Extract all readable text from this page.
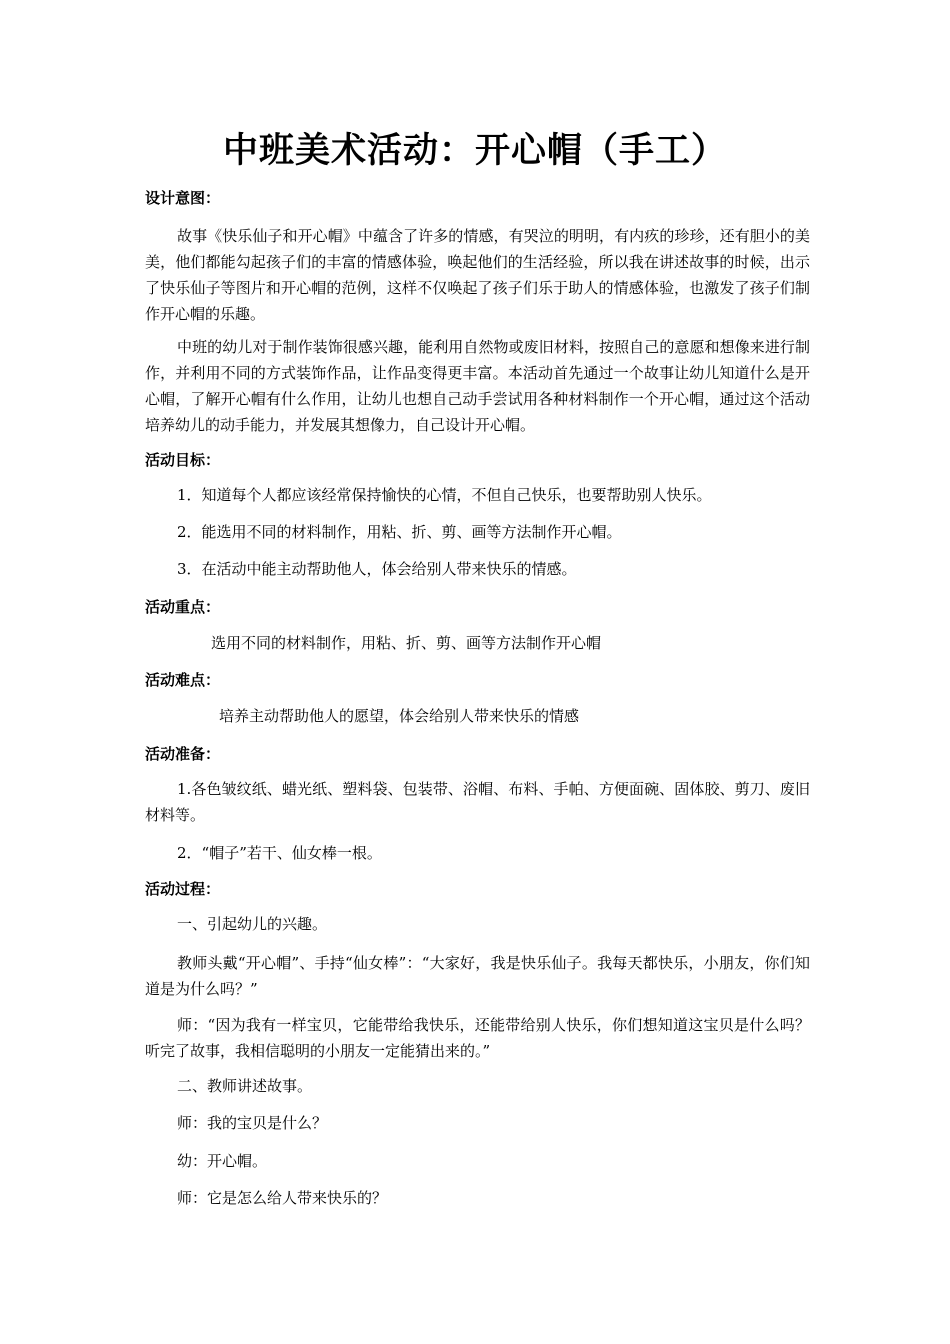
中班美术活动：开心帽（手工）
设计意图：
故事《快乐仙子和开心帽》中蕴含了许多的情感，有哭泣的明明，有内疚的珍珍，还有胆小的美美，他们都能勾起孩子们的丰富的情感体验，唤起他们的生活经验，所以我在讲述故事的时候，出示了快乐仙子等图片和开心帽的范例，这样不仅唤起了孩子们乐于助人的情感体验，也激发了孩子们制作开心帽的乐趣。
中班的幼儿对于制作装饰很感兴趣，能利用自然物或废旧材料，按照自己的意愿和想像来进行制作，并利用不同的方式装饰作品，让作品变得更丰富。本活动首先通过一个故事让幼儿知道什么是开心帽，了解开心帽有什么作用，让幼儿也想自己动手尝试用各种材料制作一个开心帽，通过这个活动培养幼儿的动手能力，并发展其想像力，自己设计开心帽。
活动目标：
1．知道每个人都应该经常保持愉快的心情，不但自己快乐，也要帮助别人快乐。
2．能选用不同的材料制作，用粘、折、剪、画等方法制作开心帽。
3．在活动中能主动帮助他人，体会给别人带来快乐的情感。
活动重点：
选用不同的材料制作，用粘、折、剪、画等方法制作开心帽
活动难点：
培养主动帮助他人的愿望，体会给别人带来快乐的情感
活动准备：
1.各色皱纹纸、蜡光纸、塑料袋、包装带、浴帽、布料、手帕、方便面碗、固体胶、剪刀、废旧材料等。
2．“帽子”若干、仙女棒一根。
活动过程：
一、引起幼儿的兴趣。
教师头戴“开心帽”、手持“仙女棒”：“大家好，我是快乐仙子。我每天都快乐，小朋友，你们知道是为什么吗？”
师：“因为我有一样宝贝，它能带给我快乐，还能带给别人快乐，你们想知道这宝贝是什么吗？听完了故事，我相信聪明的小朋友一定能猜出来的。”
二、教师讲述故事。
师：我的宝贝是什么？
幼：开心帽。
师：它是怎么给人带来快乐的？
